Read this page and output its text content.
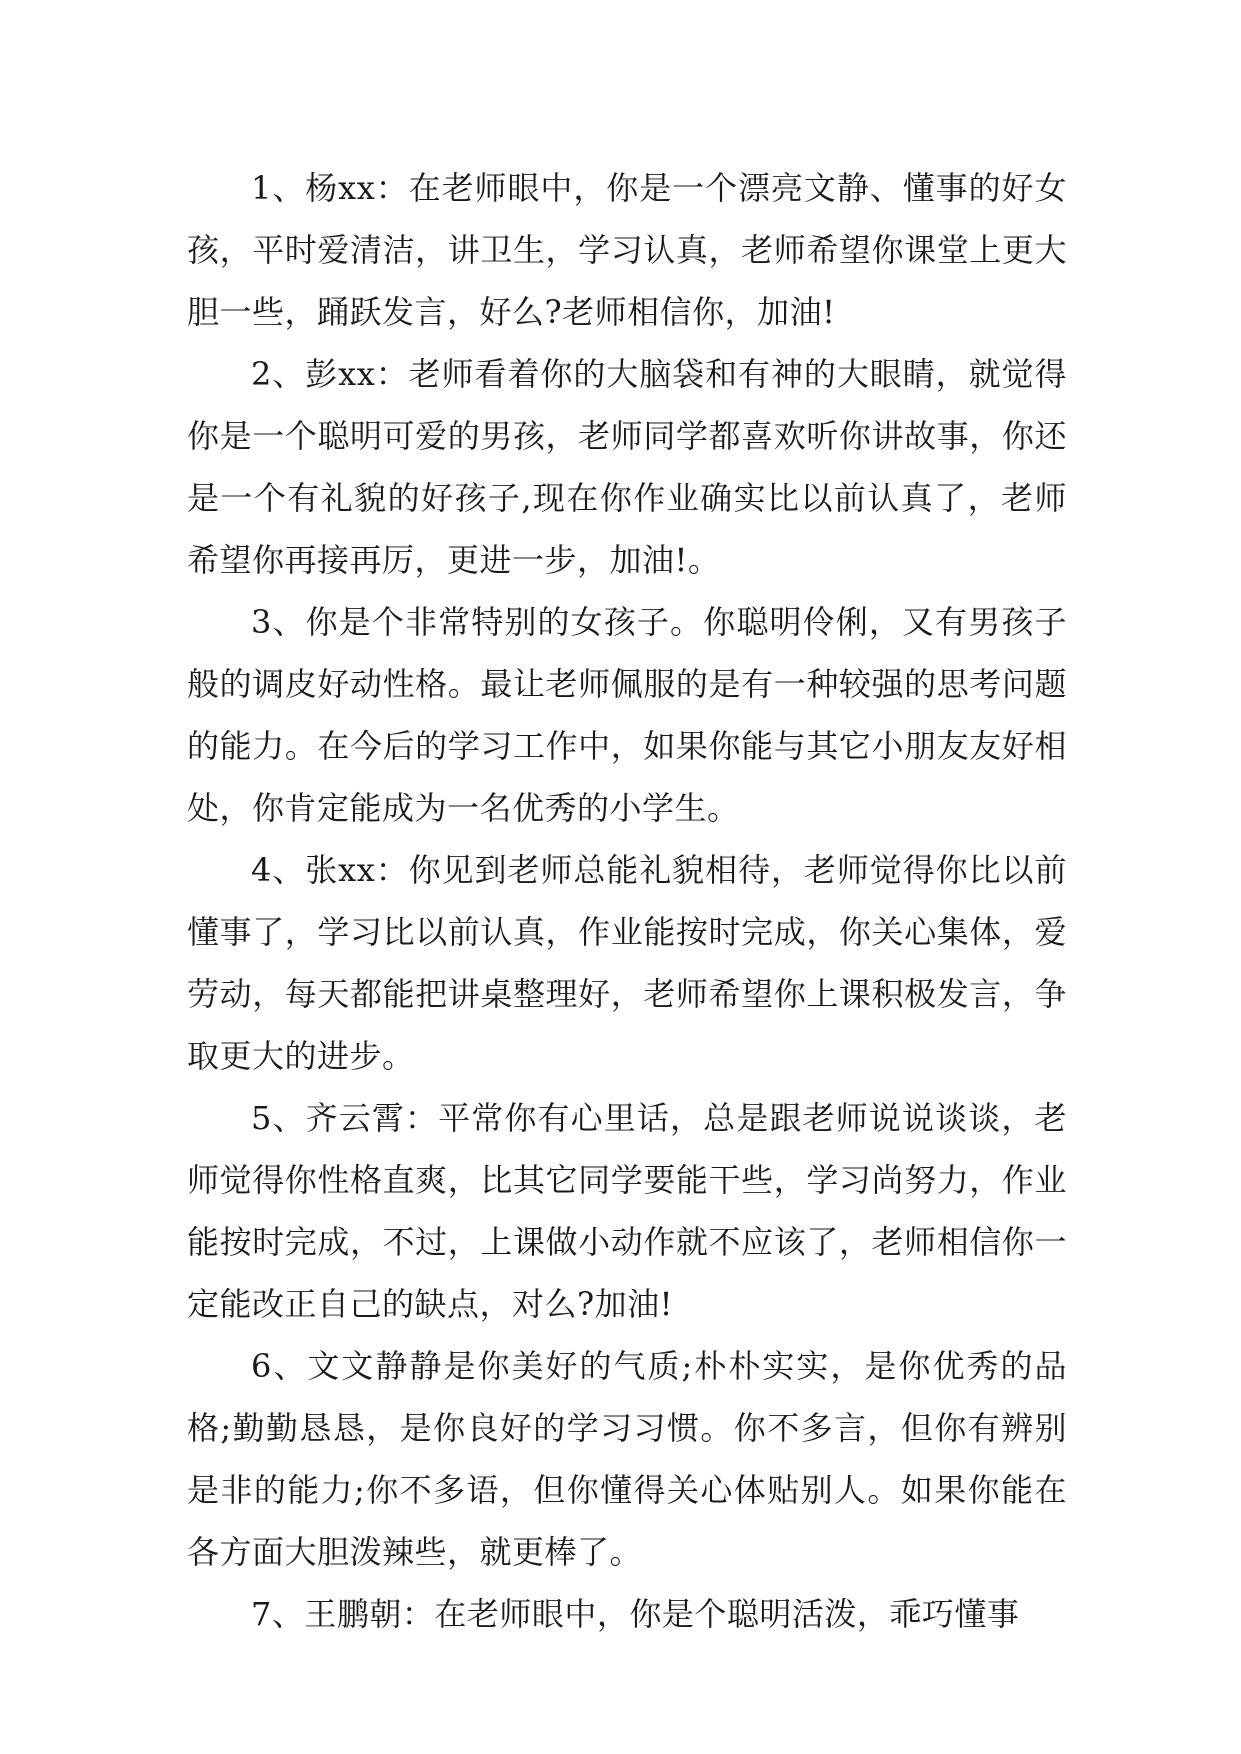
1、杨xx：在老师眼中，你是一个漂亮文静、懂事的好女孩，平时爱清洁，讲卫生，学习认真，老师希望你课堂上更大胆一些，踊跃发言，好么?老师相信你，加油!

2、彭xx：老师看着你的大脑袋和有神的大眼睛，就觉得你是一个聪明可爱的男孩，老师同学都喜欢听你讲故事，你还是一个有礼貌的好孩子,现在你作业确实比以前认真了，老师希望你再接再厉，更进一步，加油!。

3、你是个非常特别的女孩子。你聪明伶俐，又有男孩子般的调皮好动性格。最让老师佩服的是有一种较强的思考问题的能力。在今后的学习工作中，如果你能与其它小朋友友好相处，你肯定能成为一名优秀的小学生。

4、张xx：你见到老师总能礼貌相待，老师觉得你比以前懂事了，学习比以前认真，作业能按时完成，你关心集体，爱劳动，每天都能把讲桌整理好，老师希望你上课积极发言，争取更大的进步。

5、齐云霄：平常你有心里话，总是跟老师说说谈谈，老师觉得你性格直爽，比其它同学要能干些，学习尚努力，作业能按时完成，不过，上课做小动作就不应该了，老师相信你一定能改正自己的缺点，对么?加油!

6、文文静静是你美好的气质;朴朴实实，是你优秀的品格;勤勤恳恳，是你良好的学习习惯。你不多言，但你有辨别是非的能力;你不多语，但你懂得关心体贴别人。如果你能在各方面大胆泼辣些，就更棒了。

7、王鹏朝：在老师眼中，你是个聪明活泼，乖巧懂事
